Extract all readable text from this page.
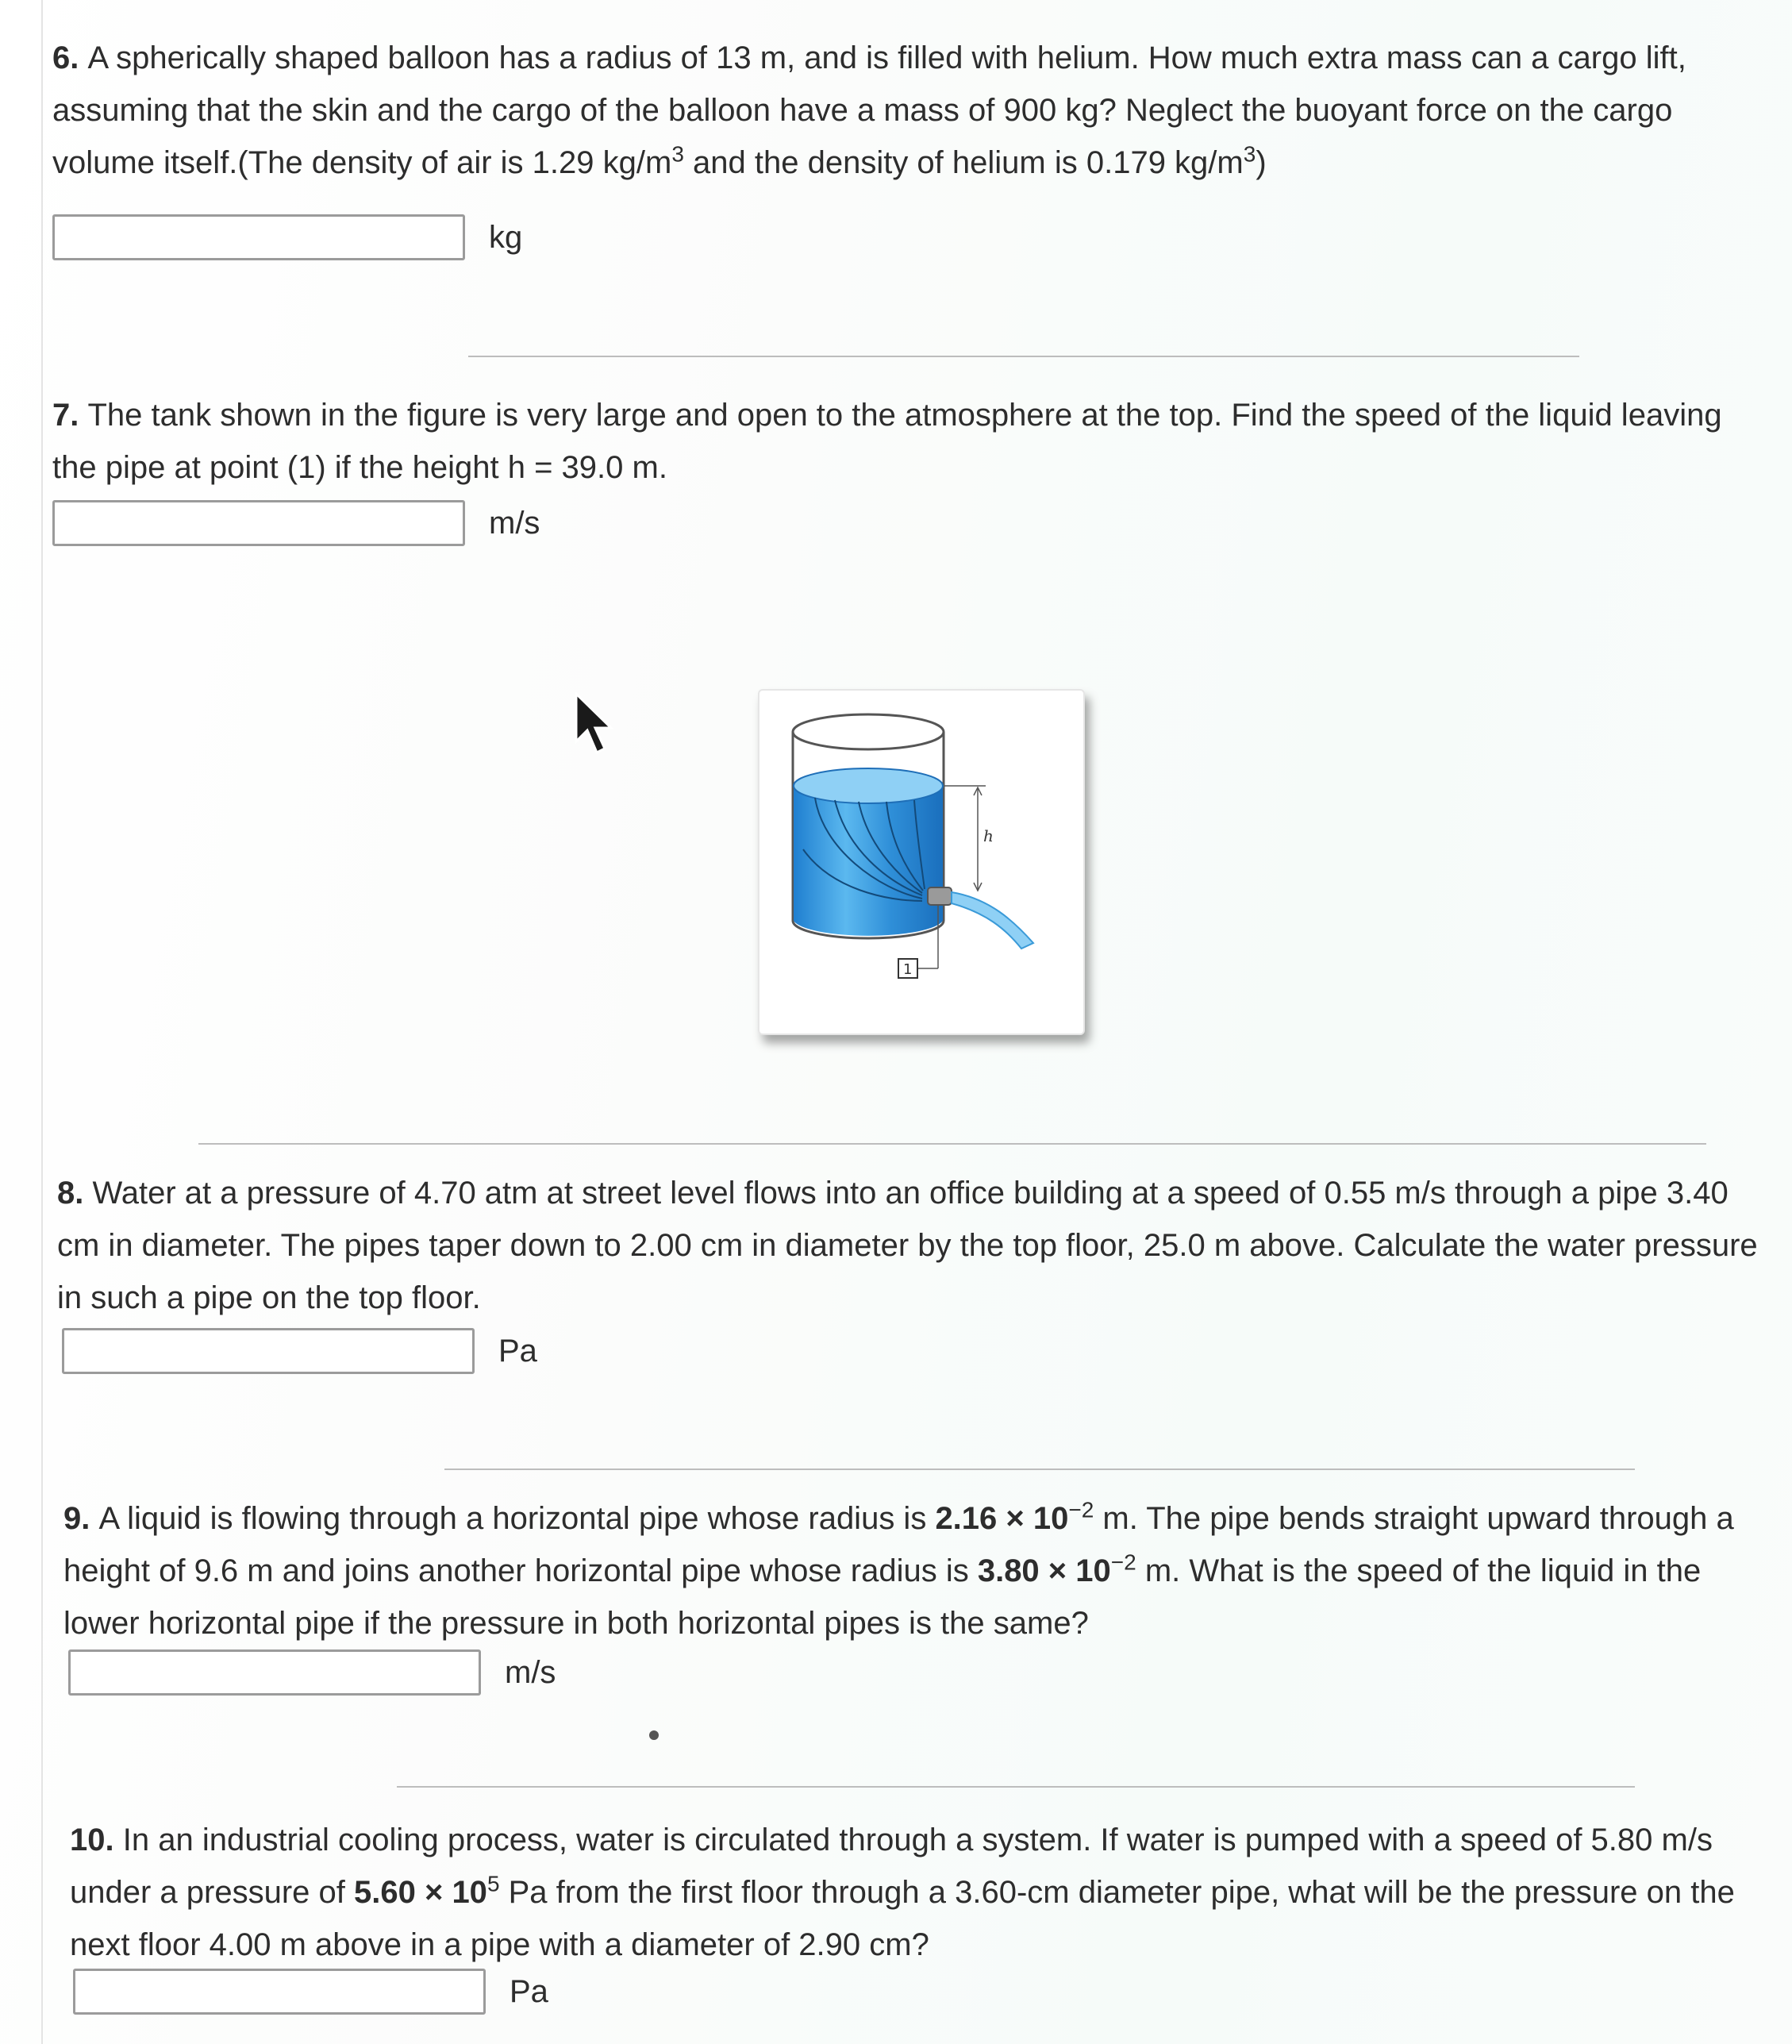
6. A spherically shaped balloon has a radius of 13 m, and is filled with helium. How much extra mass can a cargo lift, assuming that the skin and the cargo of the balloon have a mass of 900 kg? Neglect the buoyant force on the cargo volume itself.(The density of air is 1.29 $kg/m^3$ and the density of helium is 0.179 $kg/m^3$)

kg

7. The tank shown in the figure is very large and open to the atmosphere at the top. Find the speed of the liquid leaving the pipe at point (1) if the height h = 39.0 m.

m/s
h
1

8. Water at a pressure of 4.70 atm at street level flows into an office building at a speed of 0.55 m/s through a pipe 3.40 cm in diameter. The pipes taper down to 2.00 cm in diameter by the top floor, 25.0 m above. Calculate the water pressure in such a pipe on the top floor.

Pa

9. A liquid is flowing through a horizontal pipe whose radius is $2.16 \times 10^{-2}$ m. The pipe bends straight upward through a height of 9.6 m and joins another horizontal pipe whose radius is $3.80 \times 10^{-2}$ m. What is the speed of the liquid in the lower horizontal pipe if the pressure in both horizontal pipes is the same?

m/s

10. In an industrial cooling process, water is circulated through a system. If water is pumped with a speed of 5.80 m/s under a pressure of $5.60 \times 10^5$ Pa from the first floor through a 3.60-cm diameter pipe, what will be the pressure on the next floor 4.00 m above in a pipe with a diameter of 2.90 cm?

Pa
